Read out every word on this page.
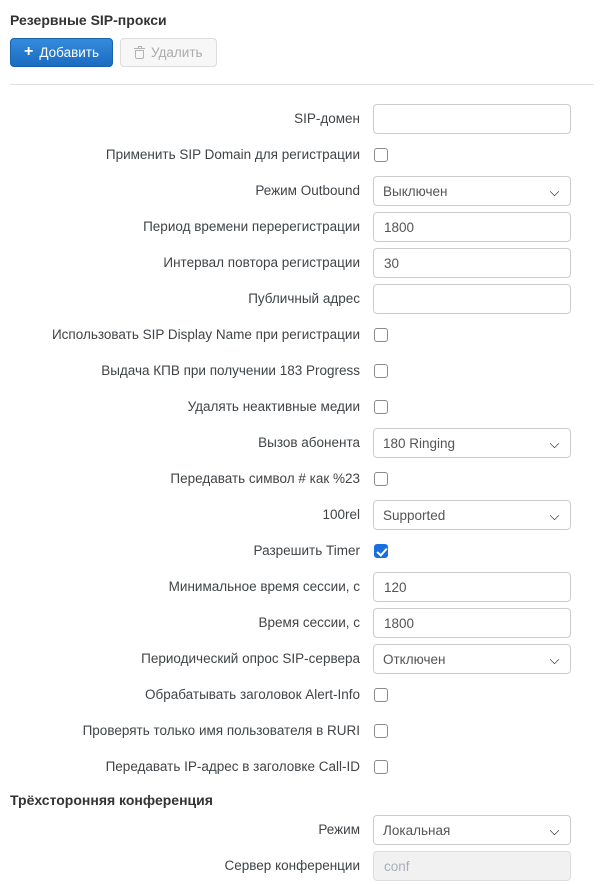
Резервные SIP-прокси
+ Добавить	Удалить
SIP-домен
Применить SIP Domain для регистрации
Режим Outbound
Выключен
Период времени перерегистрации
1800
Интервал повтора регистрации
30
Публичный адрес
Использовать SIP Display Name при регистрации
Выдача КПВ при получении 183 Progress
Удалять неактивные медии
Вызов абонента
180 Ringing
Передавать символ # как %23
100rel
Supported
Разрешить Timer
Минимальное время сессии, с
120
Время сессии, с
1800
Периодический опрос SIP-сервера
Отключен
Обрабатывать заголовок Alert-Info
Проверять только имя пользователя в RURI
Передавать IP-адрес в заголовке Call-ID
Трёхсторонняя конференция
Режим
Локальная
Сервер конференции
conf
